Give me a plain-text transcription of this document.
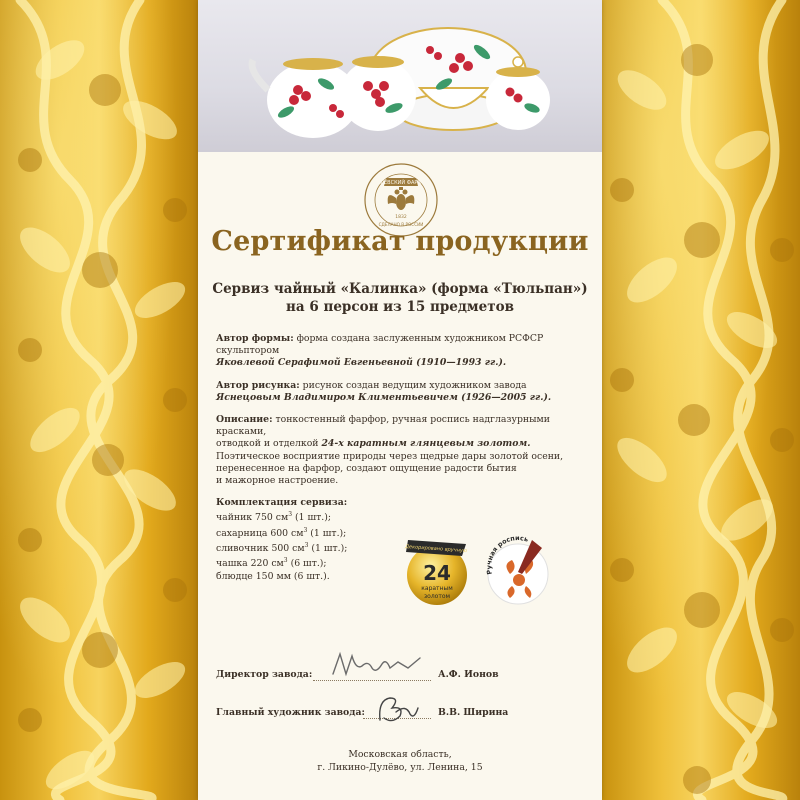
ДУЛЁВСКИЙ ФАРФОР
1832
СДЕЛАНО В РОССИИ
Сертификат продукции
Сервиз чайный «Калинка» (форма «Тюльпан»)
на 6 персон из 15 предметов

Автор формы: форма создана заслуженным художником РСФСР скульптором
Яковлевой Серафимой Евгеньевной (1910—1993 гг.).

Автор рисунка: рисунок создан ведущим художником завода
Яснецовым Владимиром Климентьевичем (1926—2005 гг.).

Описание: тонкостенный фарфор, ручная роспись надглазурными красками,
отводкой и отделкой 24-х каратным глянцевым золотом.
Поэтическое восприятие природы через щедрые дары золотой осени,
перенесенное на фарфор, создают ощущение радости бытия
и мажорное настроение.

Комплектация сервиза:
чайник 750 $см^3$ (1 шт.);
сахарница 600 $см^3$ (1 шт.);
сливочник 500 $см^3$ (1 шт.);
чашка 220 $см^3$ (6 шт.);
блюдце 150 мм (6 шт.).
Декорировано вручную
24
каратным
золотом
Ручная роспись
Директор завода:	А.Ф. Ионов
Главный художник завода:	В.В. Ширина
Московская область,
г. Ликино-Дулёво, ул. Ленина, 15
